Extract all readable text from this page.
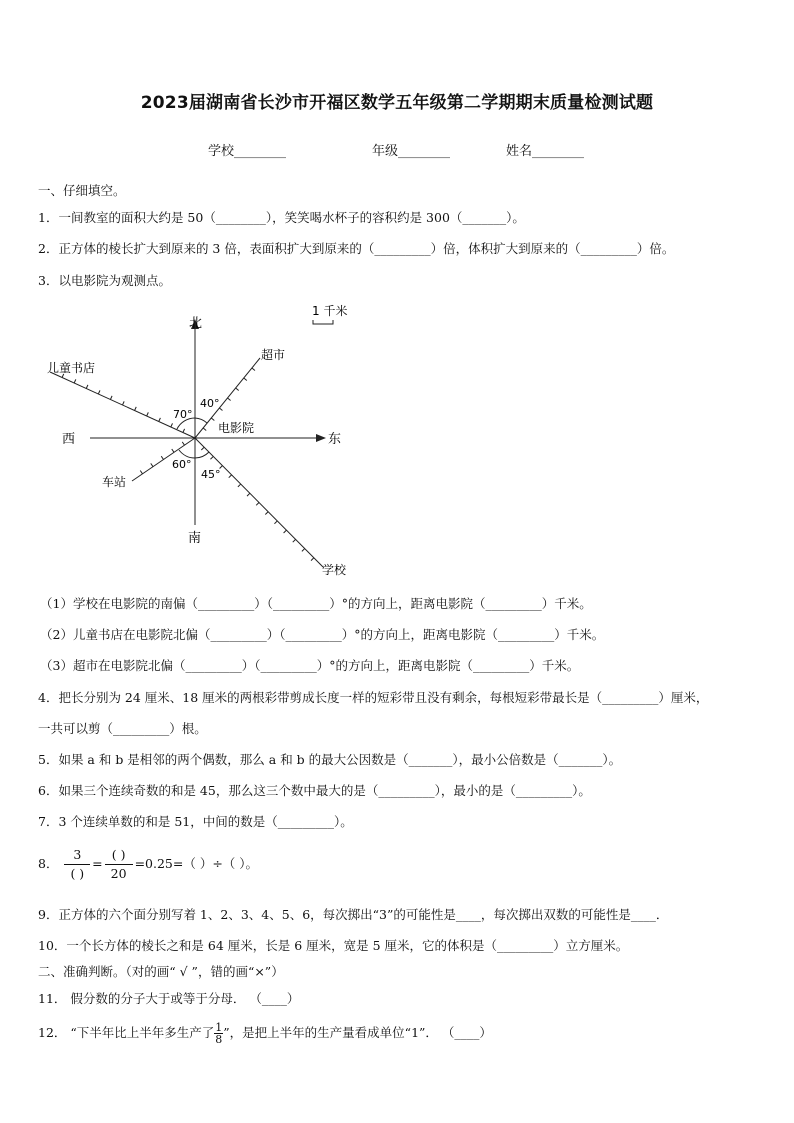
2023届湖南省长沙市开福区数学五年级第二学期期末质量检测试题
学校________	年级________	姓名________
一、仔细填空。
1．一间教室的面积大约是 50（________），笑笑喝水杯子的容积约是 300（_______）。
2．正方体的棱长扩大到原来的 3 倍，表面积扩大到原来的（_________）倍，体积扩大到原来的（_________）倍。
3．以电影院为观测点。
北
南
东
西
电影院
儿童书店
超市
车站
学校
70°
40°
60°
45°
1 千米
（1）学校在电影院的南偏（_________）（_________）°的方向上，距离电影院（_________）千米。
（2）儿童书店在电影院北偏（_________）（_________）°的方向上，距离电影院（_________）千米。
（3）超市在电影院北偏（_________）（_________）°的方向上，距离电影院（_________）千米。
4．把长分别为 24 厘米、18 厘米的两根彩带剪成长度一样的短彩带且没有剩余，每根短彩带最长是（_________）厘米，
一共可以剪（_________）根。
5．如果 a 和 b 是相邻的两个偶数，那么 a 和 b 的最大公因数是（_______），最小公倍数是（_______）。
6．如果三个连续奇数的和是 45，那么这三个数中最大的是（_________），最小的是（_________）。
7．3 个连续单数的和是 51，中间的数是（_________）。
8． $\frac{3}{( )} = \frac{( )}{20} =0.25=$（ ）÷（ ）。
9．正方体的六个面分别写着 1、2、3、4、5、6，每次掷出“3”的可能性是____，每次掷出双数的可能性是____．
10．一个长方体的棱长之和是 64 厘米，长是 6 厘米，宽是 5 厘米，它的体积是（_________）立方厘米。
二、准确判断。（对的画“ √ ”，错的画“×”）
11． 假分数的分子大于或等于分母． （____）
12． “下半年比上半年多生产了 $\frac{1}{8}$ ”，是把上半年的生产量看成单位“1”． （____）
